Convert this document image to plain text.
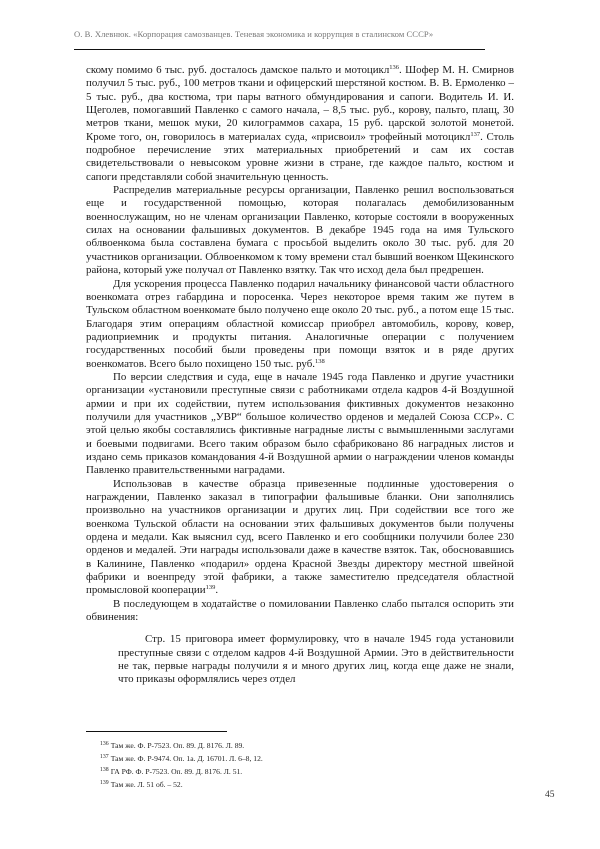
О. В. Хлевнюк. «Корпорация самозванцев. Теневая экономика и коррупция в сталинском СССР»

скому помимо 6 тыс. руб. досталось дамское пальто и мотоцикл$^{136}$. Шофер М. Н. Смирнов получил 5 тыс. руб., 100 метров ткани и офицерский шерстяной костюм. В. В. Ермоленко – 5 тыс. руб., два костюма, три пары ватного обмундирования и сапоги. Водитель И. И. Щеголев, помогавший Павленко с самого начала, – 8,5 тыс. руб., корову, пальто, плащ, 30 метров ткани, мешок муки, 20 килограммов сахара, 15 руб. царской золотой монетой. Кроме того, он, говорилось в материалах суда, «присвоил» трофейный мотоцикл$^{137}$. Столь подробное перечисление этих материальных приобретений и сам их состав свидетельствовали о невысоком уровне жизни в стране, где каждое пальто, костюм и сапоги представляли собой значительную ценность.

Распределив материальные ресурсы организации, Павленко решил воспользоваться еще и государственной помощью, которая полагалась демобилизованным военнослужащим, но не членам организации Павленко, которые состояли в вооруженных силах на основании фальшивых документов. В декабре 1945 года на имя Тульского облвоенкома была составлена бумага с просьбой выделить около 30 тыс. руб. для 20 участников организации. Облвоенкомом к тому времени стал бывший военком Щекинского района, который уже получал от Павленко взятку. Так что исход дела был предрешен.

Для ускорения процесса Павленко подарил начальнику финансовой части областного военкомата отрез габардина и поросенка. Через некоторое время таким же путем в Тульском областном военкомате было получено еще около 20 тыс. руб., а потом еще 15 тыс. Благодаря этим операциям областной комиссар приобрел автомобиль, корову, ковер, радиоприемник и продукты питания. Аналогичные операции с получением государственных пособий были проведены при помощи взяток и в ряде других военкоматов. Всего было похищено 150 тыс. руб.$^{138}$

По версии следствия и суда, еще в начале 1945 года Павленко и другие участники организации «установили преступные связи с работниками отдела кадров 4-й Воздушной армии и при их содействии, путем использования фиктивных документов незаконно получили для участников „УВР“ большое количество орденов и медалей Союза ССР». С этой целью якобы составлялись фиктивные наградные листы с вымышленными заслугами и боевыми подвигами. Всего таким образом было сфабриковано 86 наградных листов и издано семь приказов командования 4-й Воздушной армии о награждении членов команды Павленко правительственными наградами.

Использовав в качестве образца привезенные подлинные удостоверения о награждении, Павленко заказал в типографии фальшивые бланки. Они заполнялись произвольно на участников организации и других лиц. При содействии все того же военкома Тульской области на основании этих фальшивых документов были получены ордена и медали. Как выяснил суд, всего Павленко и его сообщники получили более 230 орденов и медалей. Эти награды использовали даже в качестве взяток. Так, обосновавшись в Калинине, Павленко «подарил» ордена Красной Звезды директору местной швейной фабрики и военпреду этой фабрики, а также заместителю председателя областной промысловой кооперации$^{139}$.

В последующем в ходатайстве о помиловании Павленко слабо пытался оспорить эти обвинения:

Стр. 15 приговора имеет формулировку, что в начале 1945 года установили преступные связи с отделом кадров 4-й Воздушной Армии. Это в действительности не так, первые награды получили я и много других лиц, когда еще даже не знали, что приказы оформлялись через отдел

$^{136}$ Там же. Ф. Р-7523. Оп. 89. Д. 8176. Л. 89.
$^{137}$ Там же. Ф. Р-9474. Оп. 1а. Д. 16701. Л. 6–8, 12.
$^{138}$ ГА РФ. Ф. Р-7523. Оп. 89. Д. 8176. Л. 51.
$^{139}$ Там же. Л. 51 об. – 52.
45
